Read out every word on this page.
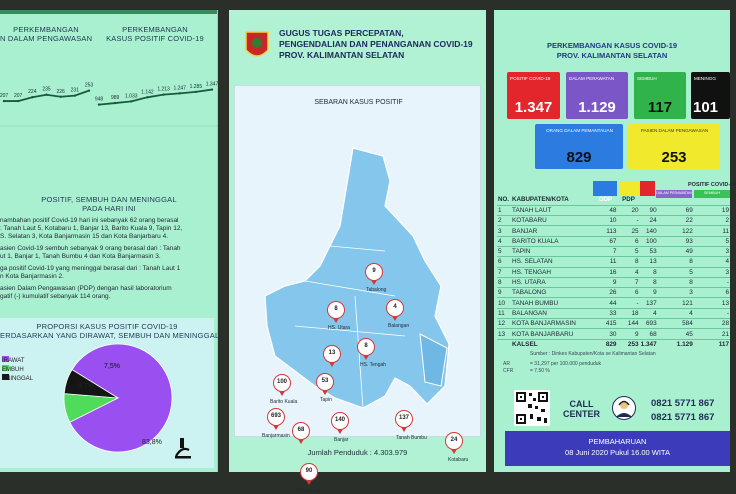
PERKEMBANGAN
N DALAM PENGAWASAN
PERKEMBANGAN
KASUS POSITIF COVID-19
207 207
224 235 226 231
253
948 989 1.033
1.142 1.213 1.247 1.285 1.347
POSITIF, SEMBUH DAN MENINGGAL
PADA HARI INI
nambahan positif Covid-19 hari ini sebanyak 62 orang berasal
: Tanah Laut 5, Kotabaru 1, Banjar 13, Barito Kuala 9, Tapin 12,
S. Selatan 3, Kota Banjarmasin 15 dan Kota Banjarbaru 4.
asien Covid-19 sembuh sebanyak 9 orang berasal dari : Tanah
ut 1, Banjar 1, Tanah Bumbu 4 dan Kota Banjarmasin 3.
ga positif Covid-19 yang meninggal berasal dari : Tanah Laut 1
n Kota Banjarmasin 2.
asien Dalam Pengawasan (PDP) dengan hasil laboratorium
gatif (-) kumulatif sebanyak 114 orang.
PROPORSI KASUS POSITIF COVID-19
ERDASARKAN YANG DIRAWAT, SEMBUH DAN MENINGGAL
83,8%
8,7%
7,5%
IRAWAT
EMBUH
ENINGGAL
GUGUS TUGAS PERCEPATAN,
PENGENDALIAN DAN PENANGANAN COVID-19
PROV. KALIMANTAN SELATAN
SEBARAN KASUS POSITIF
9
Tabalong
8
HS. Utara
4
Balangan
8
HS. Tengah
13
100
Barito Kuala
53
Tapin
693
Banjarmasin
68
140
Banjar
137
Tanah Bumbu	24
Kotabaru
90
Tanah Laut
Jumlah Penduduk : 4.303.979
PERKEMBANGAN KASUS COVID-19
PROV. KALIMANTAN SELATAN
POSITIF COVID-19
1.347
DALAM PERAWATAN
1.129
SEMBUH
117
MENINGG
101
ORANG DALAM PEMANTAUAN
829
PASIEN DALAM PENGAWASAN
253
POSITIF COVID-19
DALAM PERAWATAN	SEMBUH
NO.	KABUPATEN/KOTA	ODP	PDP			
1	TANAH LAUT	48	20	90	69	19
2	KOTABARU	10	-	24	22	2
3	BANJAR	113	25	140	122	11
4	BARITO KUALA	67	6	100	93	5
5	TAPIN	7	5	53	49	3
6	HS. SELATAN	11	8	13	8	4
7	HS. TENGAH	16	4	8	5	3
8	HS. UTARA	9	7	8	8	-
9	TABALONG	26	6	9	3	6
10	TANAH BUMBU	44	-	137	121	13
11	BALANGAN	33	18	4	4	-
12	KOTA BANJARMASIN	415	144	693	584	28
13	KOTA BANJARBARU	30	9	68	45	21
	KALSEL	829	253	1.347	1.129	117
Sumber : Dinkes Kabupaten/Kota se Kalimantan Selatan
AR	= 31,297 per 100.000 penduduk
CFR	= 7,50 %
CALL
CENTER
0821 5771 867
0821 5771 867
PEMBAHARUAN
08 Juni 2020 Pukul 16.00 WITA
